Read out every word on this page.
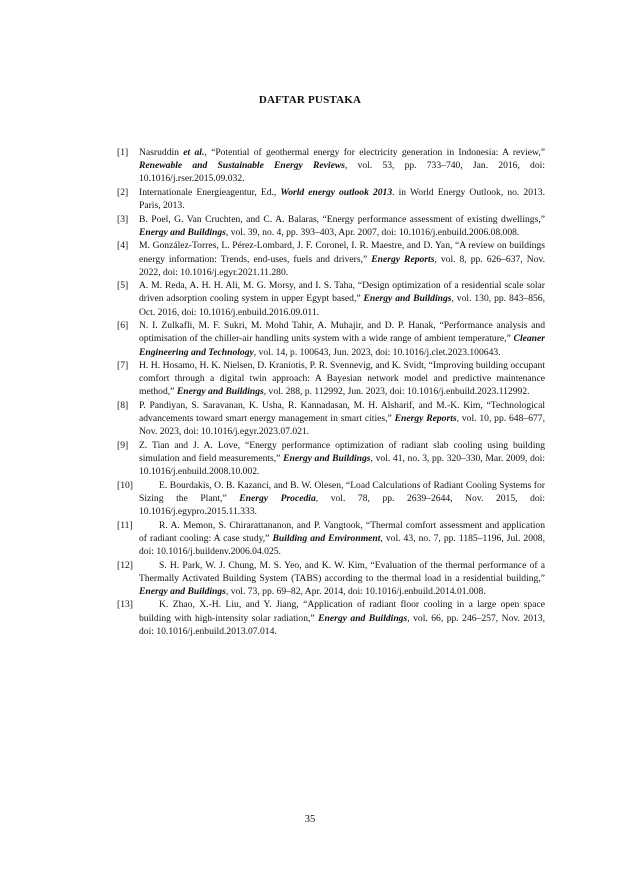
DAFTAR PUSTAKA
[1]	Nasruddin et al., “Potential of geothermal energy for electricity generation in Indonesia: A review,” Renewable and Sustainable Energy Reviews, vol. 53, pp. 733–740, Jan. 2016, doi: 10.1016/j.rser.2015.09.032.
[2]	Internationale Energieagentur, Ed., World energy outlook 2013. in World Energy Outlook, no. 2013. Paris, 2013.
[3]	B. Poel, G. Van Cruchten, and C. A. Balaras, “Energy performance assessment of existing dwellings,” Energy and Buildings, vol. 39, no. 4, pp. 393–403, Apr. 2007, doi: 10.1016/j.enbuild.2006.08.008.
[4]	M. González-Torres, L. Pérez-Lombard, J. F. Coronel, I. R. Maestre, and D. Yan, “A review on buildings energy information: Trends, end-uses, fuels and drivers,” Energy Reports, vol. 8, pp. 626–637, Nov. 2022, doi: 10.1016/j.egyr.2021.11.280.
[5]	A. M. Reda, A. H. H. Ali, M. G. Morsy, and I. S. Taha, “Design optimization of a residential scale solar driven adsorption cooling system in upper Egypt based,” Energy and Buildings, vol. 130, pp. 843–856, Oct. 2016, doi: 10.1016/j.enbuild.2016.09.011.
[6]	N. I. Zulkafli, M. F. Sukri, M. Mohd Tahir, A. Muhajir, and D. P. Hanak, “Performance analysis and optimisation of the chiller-air handling units system with a wide range of ambient temperature,” Cleaner Engineering and Technology, vol. 14, p. 100643, Jun. 2023, doi: 10.1016/j.clet.2023.100643.
[7]	H. H. Hosamo, H. K. Nielsen, D. Kraniotis, P. R. Svennevig, and K. Svidt, “Improving building occupant comfort through a digital twin approach: A Bayesian network model and predictive maintenance method,” Energy and Buildings, vol. 288, p. 112992, Jun. 2023, doi: 10.1016/j.enbuild.2023.112992.
[8]	P. Pandiyan, S. Saravanan, K. Usha, R. Kannadasan, M. H. Alsharif, and M.-K. Kim, “Technological advancements toward smart energy management in smart cities,” Energy Reports, vol. 10, pp. 648–677, Nov. 2023, doi: 10.1016/j.egyr.2023.07.021.
[9]	Z. Tian and J. A. Love, “Energy performance optimization of radiant slab cooling using building simulation and field measurements,” Energy and Buildings, vol. 41, no. 3, pp. 320–330, Mar. 2009, doi: 10.1016/j.enbuild.2008.10.002.
[10]	E. Bourdakis, O. B. Kazanci, and B. W. Olesen, “Load Calculations of Radiant Cooling Systems for Sizing the Plant,” Energy Procedia, vol. 78, pp. 2639–2644, Nov. 2015, doi: 10.1016/j.egypro.2015.11.333.
[11]	R. A. Memon, S. Chirarattananon, and P. Vangtook, “Thermal comfort assessment and application of radiant cooling: A case study,” Building and Environment, vol. 43, no. 7, pp. 1185–1196, Jul. 2008, doi: 10.1016/j.buildenv.2006.04.025.
[12]	S. H. Park, W. J. Chung, M. S. Yeo, and K. W. Kim, “Evaluation of the thermal performance of a Thermally Activated Building System (TABS) according to the thermal load in a residential building,” Energy and Buildings, vol. 73, pp. 69–82, Apr. 2014, doi: 10.1016/j.enbuild.2014.01.008.
[13]	K. Zhao, X.-H. Liu, and Y. Jiang, “Application of radiant floor cooling in a large open space building with high-intensity solar radiation,” Energy and Buildings, vol. 66, pp. 246–257, Nov. 2013, doi: 10.1016/j.enbuild.2013.07.014.
35
